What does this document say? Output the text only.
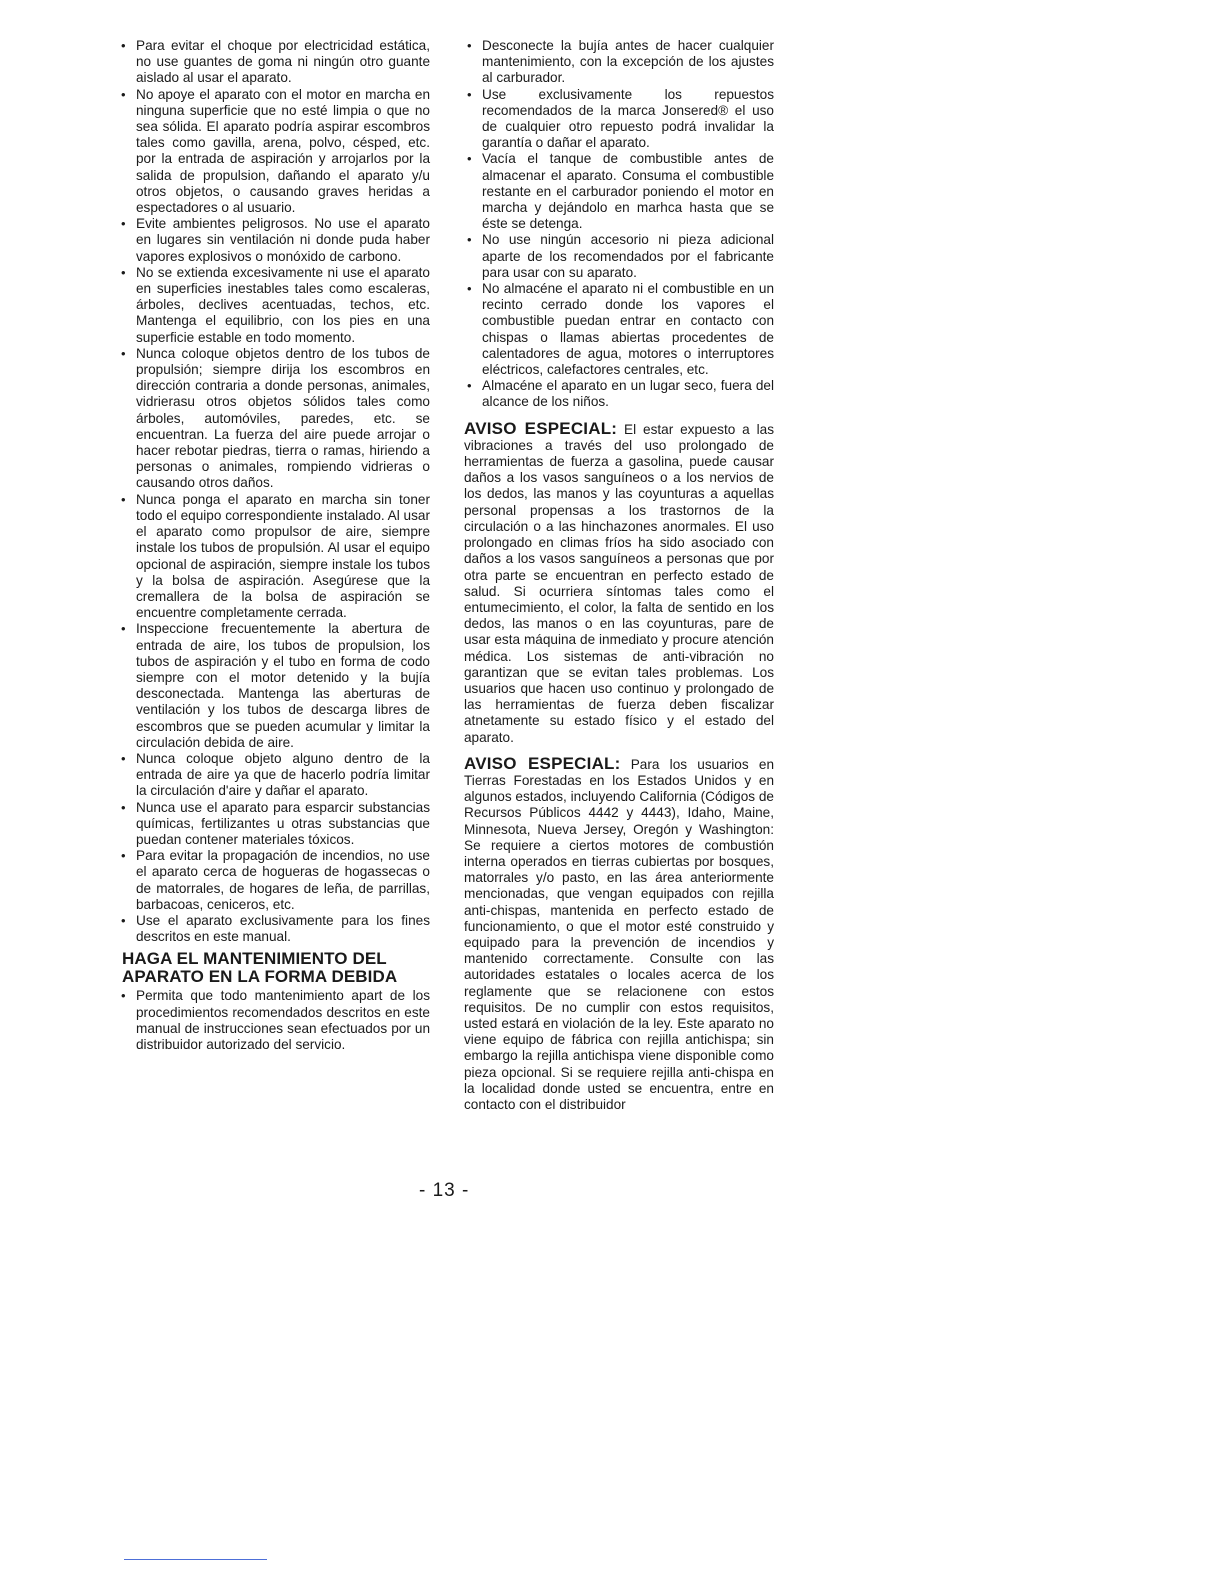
• Para evitar el choque por electricidad estática, no use guantes de goma ni ningún otro guante aislado al usar el aparato.
• No apoye el aparato con el motor en marcha en ninguna superficie que no esté limpia o que no sea sólida. El aparato podría aspirar escombros tales como gavilla, arena, polvo, césped, etc. por la entrada de aspiración y arrojarlos por la salida de propulsion, dañando el aparato y/u otros objetos, o causando graves heridas a espectadores o al usuario.
• Evite ambientes peligrosos. No use el aparato en lugares sin ventilación ni donde puda haber vapores explosivos o monóxido de carbono.
• No se extienda excesivamente ni use el aparato en superficies inestables tales como escaleras, árboles, declives acentuadas, techos, etc. Mantenga el equilibrio, con los pies en una superficie estable en todo momento.
• Nunca coloque objetos dentro de los tubos de propulsión; siempre dirija los escombros en dirección contraria a donde personas, animales, vidrierasu otros objetos sólidos tales como árboles, automóviles, paredes, etc. se encuentran. La fuerza del aire puede arrojar o hacer rebotar piedras, tierra o ramas, hiriendo a personas o animales, rompiendo vidrieras o causando otros daños.
• Nunca ponga el aparato en marcha sin toner todo el equipo correspondiente instalado. Al usar el aparato como propulsor de aire, siempre instale los tubos de propulsión. Al usar el equipo opcional de aspiración, siempre instale los tubos y la bolsa de aspiración. Asegúrese que la cremallera de la bolsa de aspiración se encuentre completamente cerrada.
• Inspeccione frecuentemente la abertura de entrada de aire, los tubos de propulsion, los tubos de aspiración y el tubo en forma de codo siempre con el motor detenido y la bujía desconectada. Mantenga las aberturas de ventilación y los tubos de descarga libres de escombros que se pueden acumular y limitar la circulación debida de aire.
• Nunca coloque objeto alguno dentro de la entrada de aire ya que de hacerlo podría limitar la circulación d'aire y dañar el aparato.
• Nunca use el aparato para esparcir substancias químicas, fertilizantes u otras substancias que puedan contener materiales tóxicos.
• Para evitar la propagación de incendios, no use el aparato cerca de hogueras de hogassecas o de matorrales, de hogares de leña, de parrillas, barbacoas, ceniceros, etc.
• Use el aparato exclusivamente para los fines descritos en este manual.
HAGA EL MANTENIMIENTO DEL
APARATO EN LA FORMA DEBIDA
• Permita que todo mantenimiento apart de los procedimientos recomendados descritos en este manual de instrucciones sean efectuados por un distribuidor autorizado del servicio.
• Desconecte la bujía antes de hacer cualquier mantenimiento, con la excepción de los ajustes al carburador.
• Use exclusivamente los repuestos recomendados de la marca Jonsered® el uso de cualquier otro repuesto podrá invalidar la garantía o dañar el aparato.
• Vacía el tanque de combustible antes de almacenar el aparato. Consuma el combustible restante en el carburador poniendo el motor en marcha y dejándolo en marhca hasta que se éste se detenga.
• No use ningún accesorio ni pieza adicional aparte de los recomendados por el fabricante para usar con su aparato.
• No almacéne el aparato ni el combustible en un recinto cerrado donde los vapores el combustible puedan entrar en contacto con chispas o llamas abiertas procedentes de calentadores de agua, motores o interruptores eléctricos, calefactores centrales, etc.
• Almacéne el aparato en un lugar seco, fuera del alcance de los niños.

AVISO ESPECIAL: El estar expuesto a las vibraciones a través del uso prolongado de herramientas de fuerza a gasolina, puede causar daños a los vasos sanguíneos o a los nervios de los dedos, las manos y las coyunturas a aquellas personal propensas a los trastornos de la circulación o a las hinchazones anormales. El uso prolongado en climas fríos ha sido asociado con daños a los vasos sanguíneos a personas que por otra parte se encuentran en perfecto estado de salud. Si ocurriera síntomas tales como el entumecimiento, el color, la falta de sentido en los dedos, las manos o en las coyunturas, pare de usar esta máquina de inmediato y procure atención médica. Los sistemas de anti-vibración no garantizan que se evitan tales problemas. Los usuarios que hacen uso continuo y prolongado de las herramientas de fuerza deben fiscalizar atnetamente su estado físico y el estado del aparato.

AVISO ESPECIAL: Para los usuarios en Tierras Forestadas en los Estados Unidos y en algunos estados, incluyendo California (Códigos de Recursos Públicos 4442 y 4443), Idaho, Maine, Minnesota, Nueva Jersey, Oregón y Washington: Se requiere a ciertos motores de combustión interna operados en tierras cubiertas por bosques, matorrales y/o pasto, en las área anteriormente mencionadas, que vengan equipados con rejilla anti-chispas, mantenida en perfecto estado de funcionamiento, o que el motor esté construido y equipado para la prevención de incendios y mantenido correctamente. Consulte con las autoridades estatales o locales acerca de los reglamente que se relacionene con estos requisitos. De no cumplir con estos requisitos, usted estará en violación de la ley. Este aparato no viene equipo de fábrica con rejilla antichispa; sin embargo la rejilla antichispa viene disponible como pieza opcional. Si se requiere rejilla anti-chispa en la localidad donde usted se encuentra, entre en contacto con el distribuidor

- 13 -
